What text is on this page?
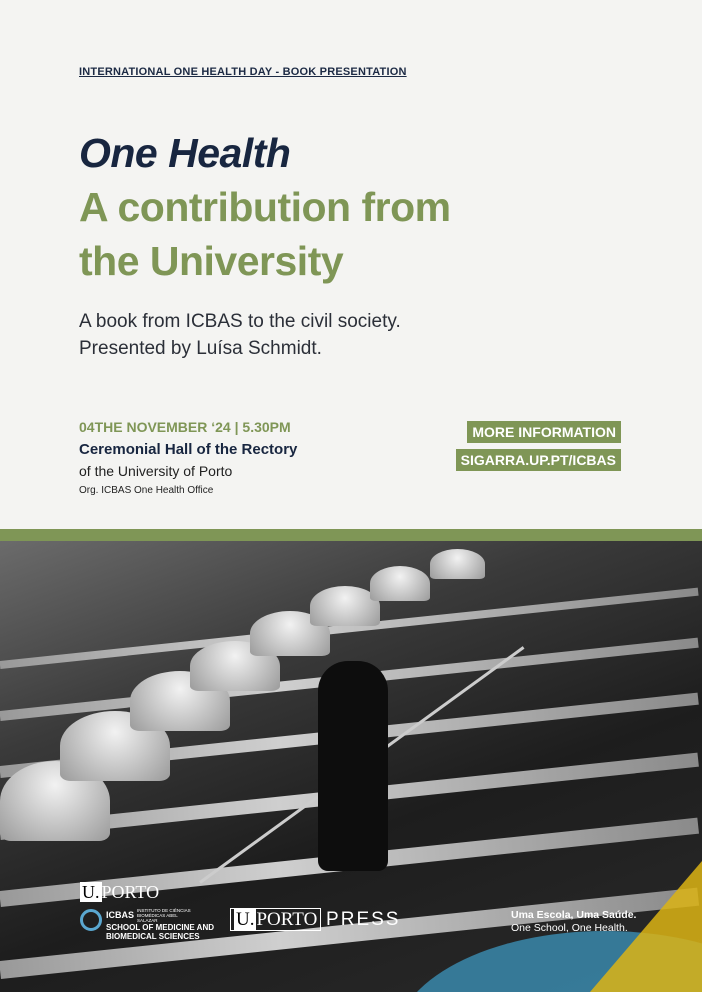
INTERNATIONAL ONE HEALTH DAY - BOOK PRESENTATION
One Health
A contribution from
the University
A book from ICBAS to the civil society.
Presented by Luísa Schmidt.
04THE NOVEMBER ‘24 | 5.30PM
Ceremonial Hall of the Rectory
of the University of Porto
Org. ICBAS One Health Office
MORE INFORMATION
SIGARRA.UP.PT/ICBAS
U. PORTO
ICBAS INSTITUTO DE CIÊNCIAS BIOMÉDICAS ABEL SALAZAR
SCHOOL OF MEDICINE AND
BIOMEDICAL SCIENCES
U. PORTO PRESS	Uma Escola, Uma Saúde.
One School, One Health.
